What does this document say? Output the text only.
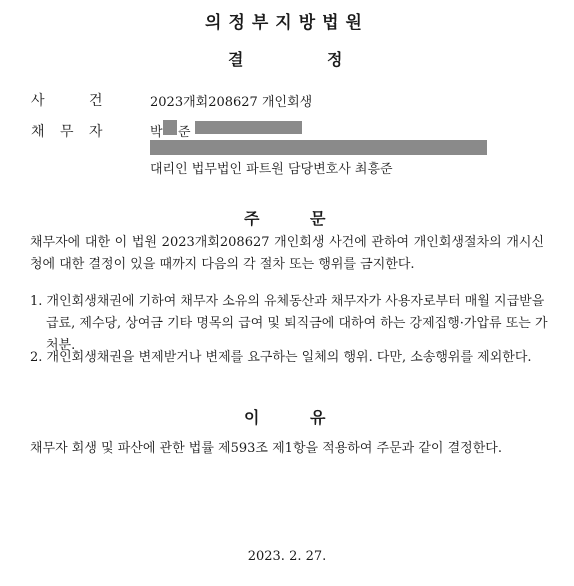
의정부지방법원
결	정
사	건	2023개회208627 개인회생
채 무 자	박 준
대리인 법무법인 파트원 담당변호사 최흥준
주	문
채무자에 대한 이 법원 2023개회208627 개인회생 사건에 관하여 개인회생절차의 개시신청에 대한 결정이 있을 때까지 다음의 각 절차 또는 행위를 금지한다.
1. 개인회생채권에 기하여 채무자 소유의 유체동산과 채무자가 사용자로부터 매월 지급받을 급료, 제수당, 상여금 기타 명목의 급여 및 퇴직금에 대하여 하는 강제집행·가압류 또는 가처분.
2. 개인회생채권을 변제받거나 변제를 요구하는 일체의 행위. 다만, 소송행위를 제외한다.
이	유
채무자 회생 및 파산에 관한 법률 제593조 제1항을 적용하여 주문과 같이 결정한다.
2023. 2. 27.
